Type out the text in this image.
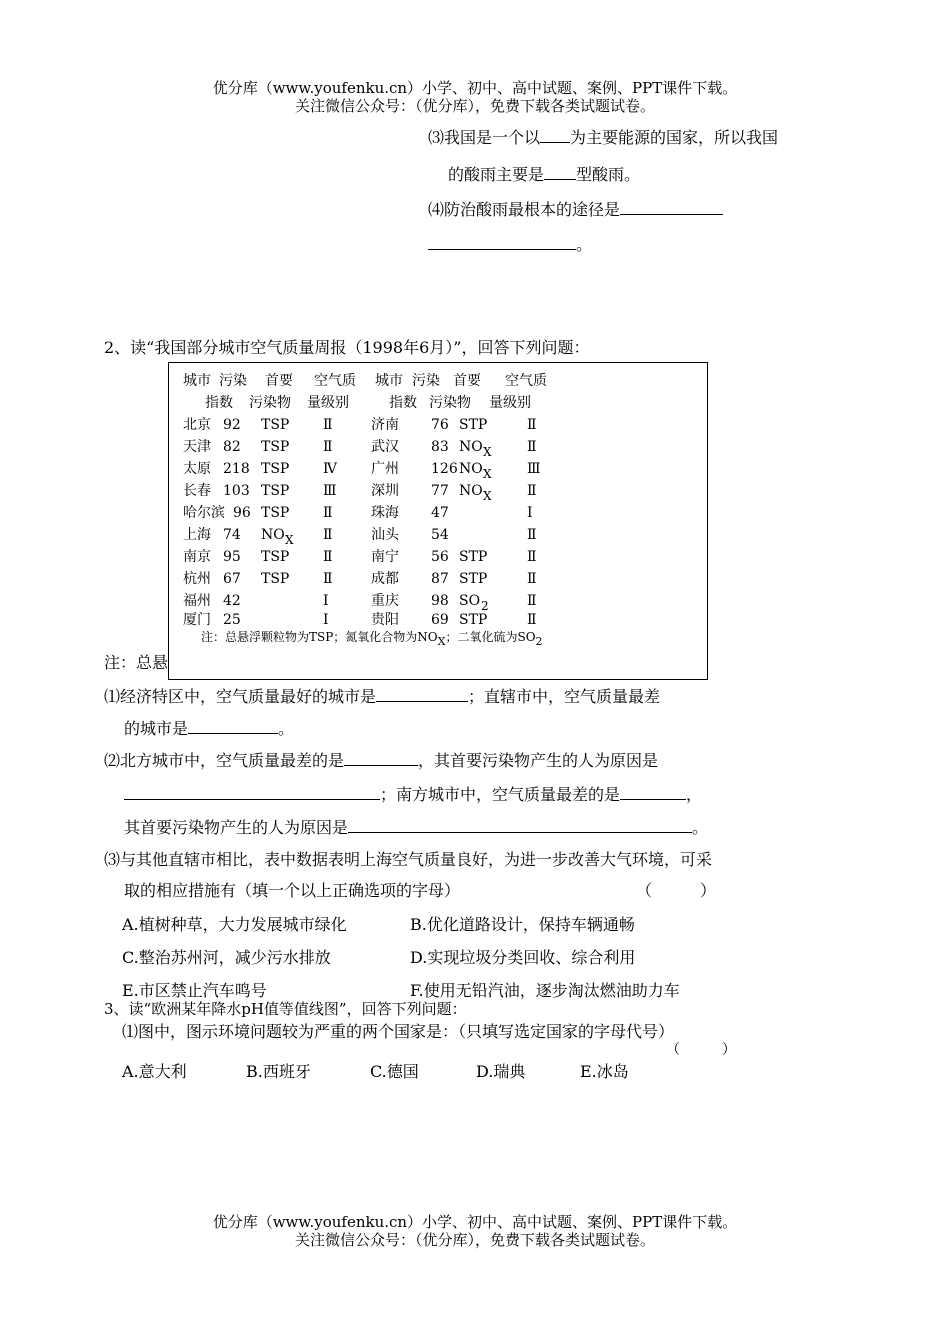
优分库（www.youfenku.cn）小学、初中、高中试题、案例、PPT课件下载。
关注微信公众号：（优分库），免费下载各类试题试卷。
⑶我国是一个以 为主要能源的国家，所以我国
的酸雨主要是 型酸雨。
⑷防治酸雨最根本的途径是
。
2、读“我国部分城市空气质量周报（1998年6月）”，回答下列问题：
注：总悬
城市 污染 首要 空气质 城市 污染 首要 空气质
指数 污染物 量级别	指数 污染物 量级别
北京 92 TSP Ⅱ	济南 76 STP	Ⅱ
天津 82 TSP Ⅱ	武汉 83 NO X	Ⅱ
太原 218 TSP Ⅳ 广州 126 NO X	Ⅲ
长春 103 TSP Ⅲ 深圳 77 NO X	Ⅱ
哈尔滨 96 TSP Ⅱ	珠海 47	Ⅰ
上海 74 NO X Ⅱ	汕头 54	Ⅱ
南京 95 TSP Ⅱ	南宁 56 STP	Ⅱ
杭州 67 TSP Ⅱ	成都 87 STP	Ⅱ
福州 42	Ⅰ	重庆 98 SO 2	Ⅱ
厦门 25	Ⅰ	贵阳 69 STP	Ⅱ
注：总悬浮颗粒物为TSP；氮氧化合物为NOX；二氧化硫为SO2
⑴经济特区中，空气质量最好的城市是	；直辖市中，空气质量最差
的城市是	。
⑵北方城市中，空气质量最差的是	，其首要污染物产生的人为原因是
；南方城市中，空气质量最差的是	，
其首要污染物产生的人为原因是	。
⑶与其他直辖市相比，表中数据表明上海空气质量良好，为进一步改善大气环境，可采
取的相应措施有（填一个以上正确选项的字母）	（　　　）
A.植树种草，大力发展城市绿化	B.优化道路设计，保持车辆通畅
C.整治苏州河，减少污水排放	D.实现垃圾分类回收、综合利用
E.市区禁止汽车鸣号	F.使用无铅汽油，逐步淘汰燃油助力车
3、读“欧洲某年降水pH值等值线图”，回答下列问题：
⑴图中，图示环境问题较为严重的两个国家是：（只填写选定国家的字母代号）
（　　　）
A.意大利	B.西班牙	C.德国	D.瑞典	E.冰岛
优分库（www.youfenku.cn）小学、初中、高中试题、案例、PPT课件下载。
关注微信公众号：（优分库），免费下载各类试题试卷。
